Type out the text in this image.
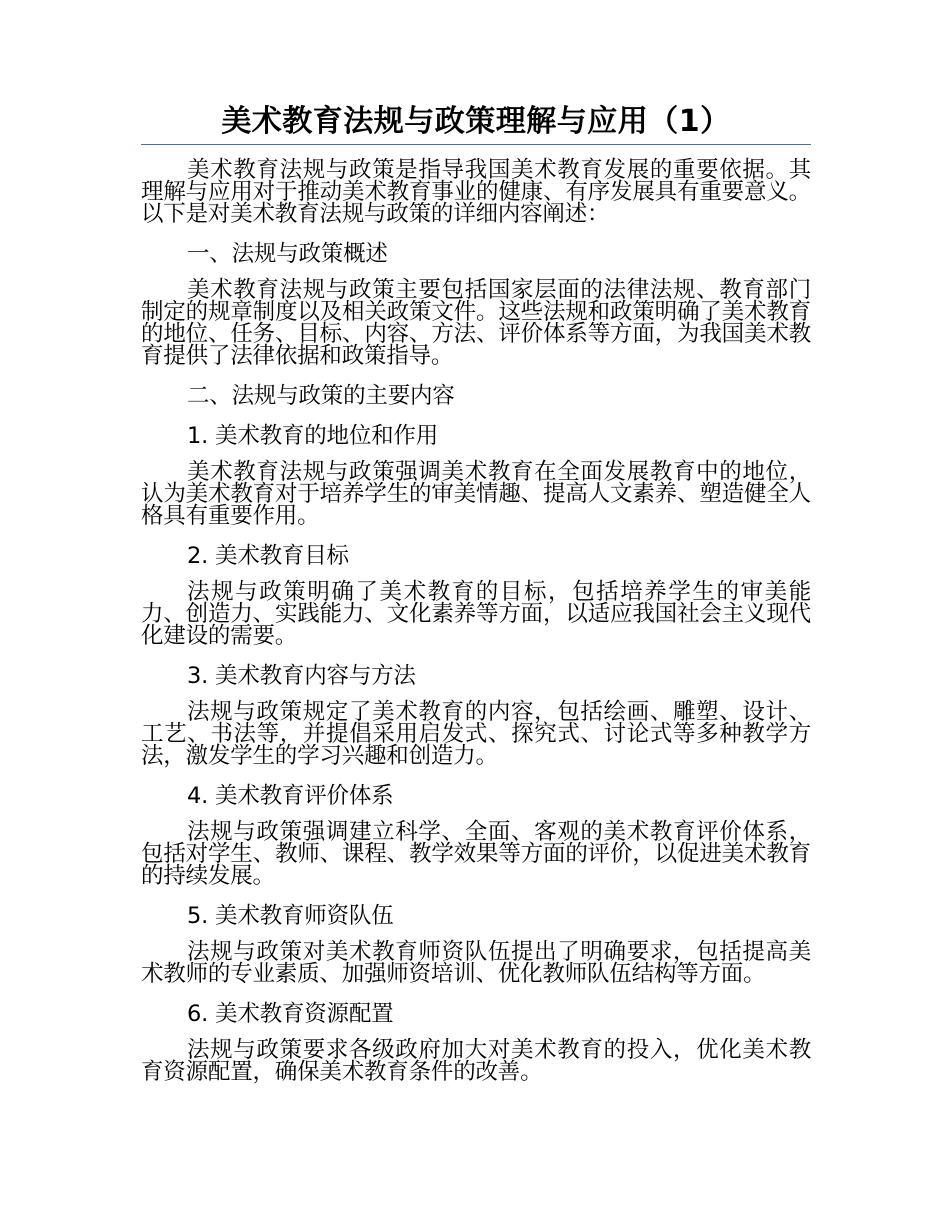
美术教育法规与政策理解与应用（1）

美术教育法规与政策是指导我国美术教育发展的重要依据。其理解与应用对于推动美术教育事业的健康、有序发展具有重要意义。以下是对美术教育法规与政策的详细内容阐述：

一、法规与政策概述

美术教育法规与政策主要包括国家层面的法律法规、教育部门制定的规章制度以及相关政策文件。这些法规和政策明确了美术教育的地位、任务、目标、内容、方法、评价体系等方面，为我国美术教育提供了法律依据和政策指导。

二、法规与政策的主要内容

1. 美术教育的地位和作用

美术教育法规与政策强调美术教育在全面发展教育中的地位，认为美术教育对于培养学生的审美情趣、提高人文素养、塑造健全人格具有重要作用。

2. 美术教育目标

法规与政策明确了美术教育的目标，包括培养学生的审美能力、创造力、实践能力、文化素养等方面，以适应我国社会主义现代化建设的需要。

3. 美术教育内容与方法

法规与政策规定了美术教育的内容，包括绘画、雕塑、设计、工艺、书法等，并提倡采用启发式、探究式、讨论式等多种教学方法，激发学生的学习兴趣和创造力。

4. 美术教育评价体系

法规与政策强调建立科学、全面、客观的美术教育评价体系，包括对学生、教师、课程、教学效果等方面的评价，以促进美术教育的持续发展。

5. 美术教育师资队伍

法规与政策对美术教育师资队伍提出了明确要求，包括提高美术教师的专业素质、加强师资培训、优化教师队伍结构等方面。

6. 美术教育资源配置

法规与政策要求各级政府加大对美术教育的投入，优化美术教育资源配置，确保美术教育条件的改善。
